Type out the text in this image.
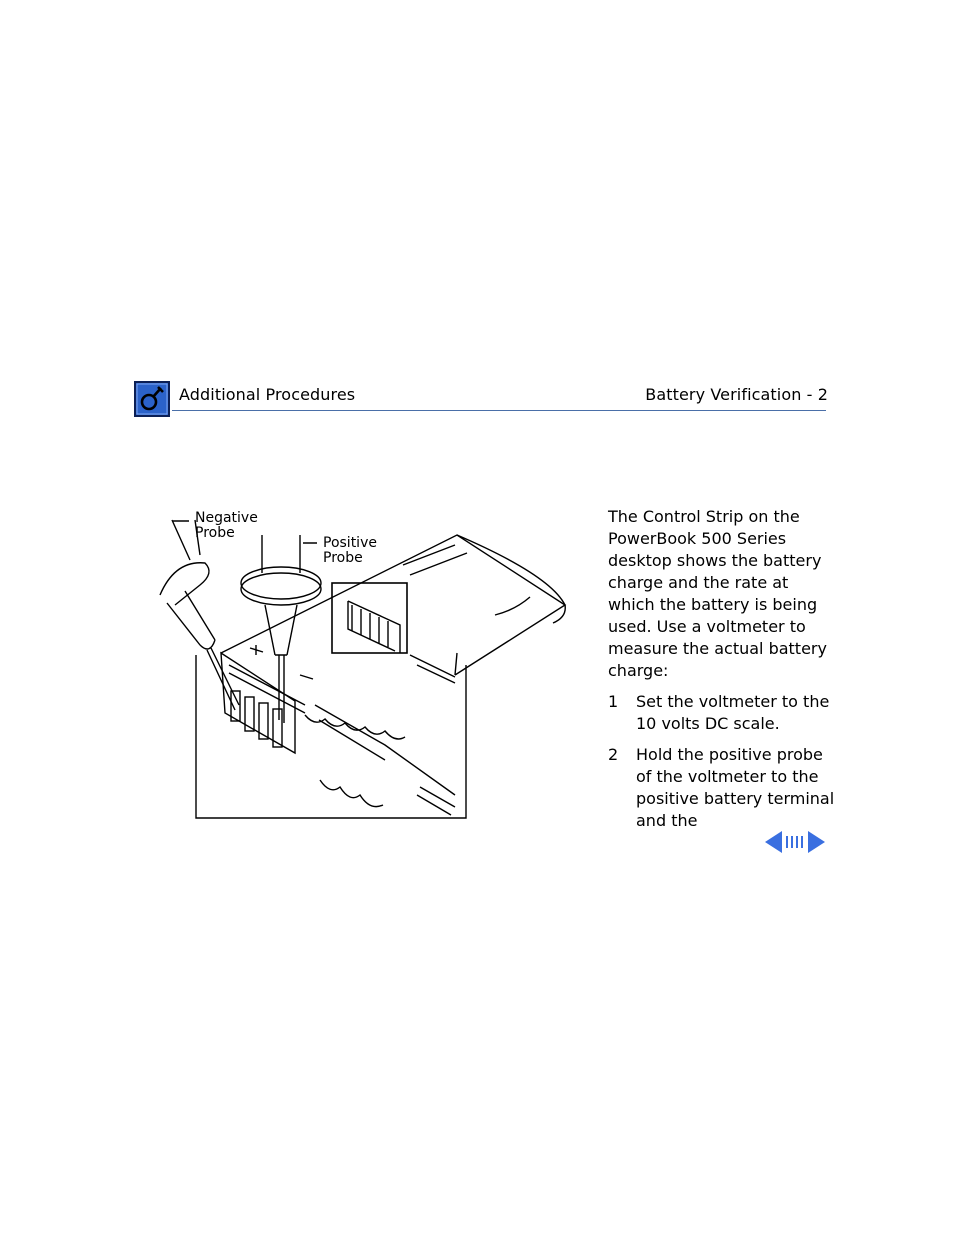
Additional Procedures	Battery Verification - 2
Negative
Probe
Positive
Probe

The Control Strip on the PowerBook 500 Series desktop shows the battery charge and the rate at which the battery is being used. Use a voltmeter to measure the actual battery charge:

1	Set the voltmeter to the 10 volts DC scale.
2	Hold the positive probe of the voltmeter to the positive battery terminal and the
